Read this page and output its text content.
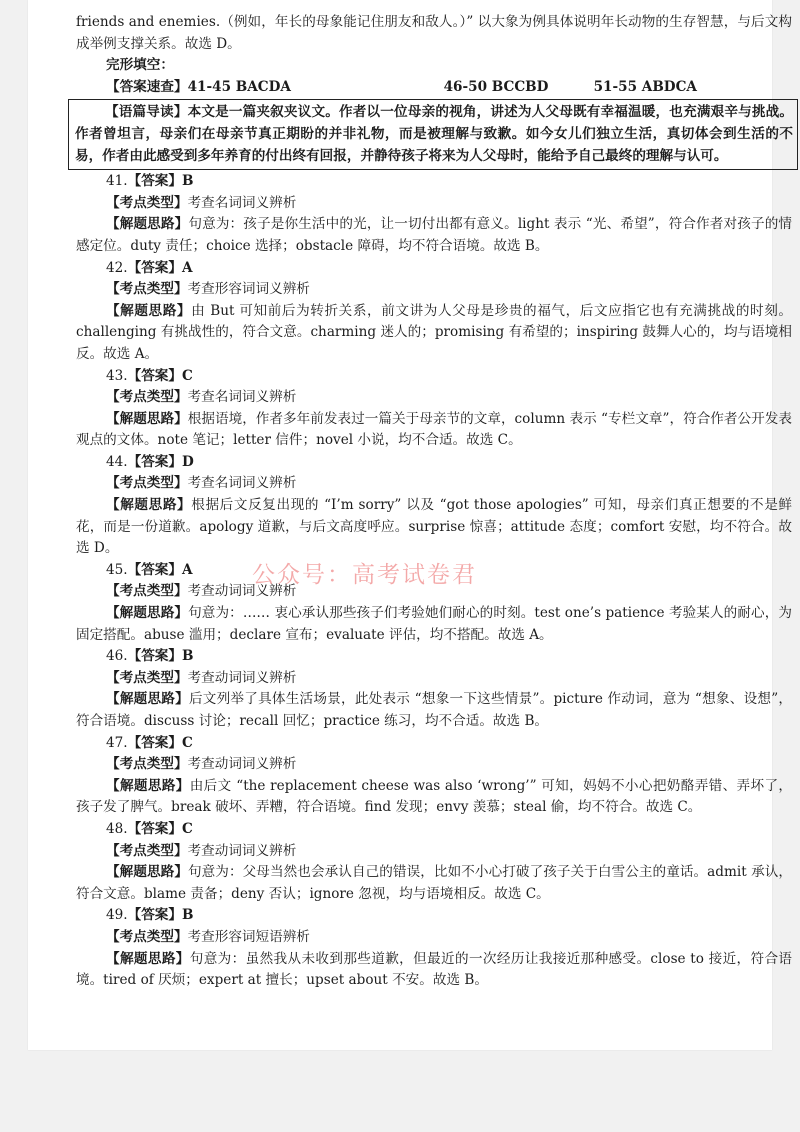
friends and enemies.（例如，年长的母象能记住朋友和敌人。）” 以大象为例具体说明年长动物的生存智慧，与后文构成举例支撑关系。故选 D。

完形填空：

【答案速查】 41-45 BACDA	46-50 BCCBD	51-55 ABDCA

【语篇导读】本文是一篇夹叙夹议文。作者以一位母亲的视角，讲述为人父母既有幸福温暖，也充满艰辛与挑战。作者曾坦言，母亲们在母亲节真正期盼的并非礼物，而是被理解与致歉。如今女儿们独立生活，真切体会到生活的不易，作者由此感受到多年养育的付出终有回报，并静待孩子将来为人父母时，能给予自己最终的理解与认可。

41.【答案】B

【考点类型】考查名词词义辨析

【解题思路】句意为：孩子是你生活中的光，让一切付出都有意义。light 表示 “光、希望”，符合作者对孩子的情感定位。duty 责任；choice 选择；obstacle 障碍，均不符合语境。故选 B。

42.【答案】A

【考点类型】考查形容词词义辨析

【解题思路】由 But 可知前后为转折关系，前文讲为人父母是珍贵的福气，后文应指它也有充满挑战的时刻。challenging 有挑战性的，符合文意。charming 迷人的；promising 有希望的；inspiring 鼓舞人心的，均与语境相反。故选 A。

43.【答案】C

【考点类型】考查名词词义辨析

【解题思路】根据语境，作者多年前发表过一篇关于母亲节的文章，column 表示 “专栏文章”，符合作者公开发表观点的文体。note 笔记；letter 信件；novel 小说，均不合适。故选 C。

44.【答案】D

【考点类型】考查名词词义辨析

【解题思路】根据后文反复出现的 “I’m sorry” 以及 “got those apologies” 可知，母亲们真正想要的不是鲜花，而是一份道歉。apology 道歉，与后文高度呼应。surprise 惊喜；attitude 态度；comfort 安慰，均不符合。故选 D。

45.【答案】A

【考点类型】考查动词词义辨析

【解题思路】句意为：…… 衷心承认那些孩子们考验她们耐心的时刻。test one’s patience 考验某人的耐心，为固定搭配。abuse 滥用；declare 宣布；evaluate 评估，均不搭配。故选 A。

46.【答案】B

【考点类型】考查动词词义辨析

【解题思路】后文列举了具体生活场景，此处表示 “想象一下这些情景”。picture 作动词，意为 “想象、设想”，符合语境。discuss 讨论；recall 回忆；practice 练习，均不合适。故选 B。

47.【答案】C

【考点类型】考查动词词义辨析

【解题思路】由后文 “the replacement cheese was also ‘wrong’” 可知，妈妈不小心把奶酪弄错、弄坏了，孩子发了脾气。break 破坏、弄糟，符合语境。find 发现；envy 羡慕；steal 偷，均不符合。故选 C。

48.【答案】C

【考点类型】考查动词词义辨析

【解题思路】句意为：父母当然也会承认自己的错误，比如不小心打破了孩子关于白雪公主的童话。admit 承认，符合文意。blame 责备；deny 否认；ignore 忽视，均与语境相反。故选 C。

49.【答案】B

【考点类型】考查形容词短语辨析

【解题思路】句意为：虽然我从未收到那些道歉，但最近的一次经历让我接近那种感受。close to 接近，符合语境。tired of 厌烦；expert at 擅长；upset about 不安。故选 B。

公众号：高考试卷君
